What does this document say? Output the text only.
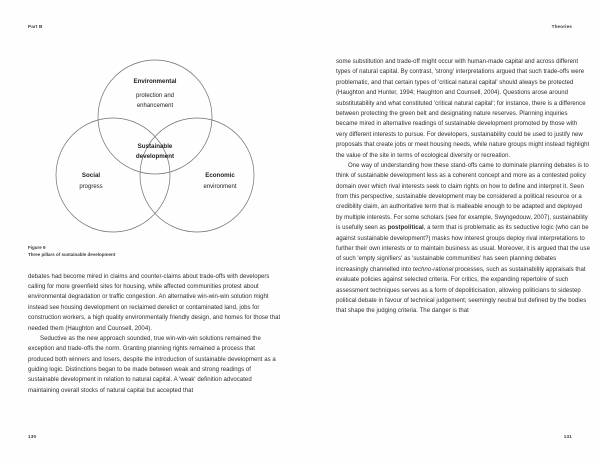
Part B	Theories
Environmental
protection and
enhancement
Social
progress
Economic
environment
Sustainable
development
Figure 9
Three pillars of sustainable development

debates had become mired in claims and counter-claims about trade-offs with developers calling for more greenfield sites for housing, while affected communities protest about environmental degradation or traffic congestion. An alternative win-win-win solution might instead see housing development on reclaimed derelict or contaminated land, jobs for construction workers, a high quality environmentally friendly design, and homes for those that needed them (Haughton and Counsell, 2004).

Seductive as the new approach sounded, true win-win-win solutions remained the exception and trade-offs the norm. Granting planning rights remained a process that produced both winners and losers, despite the introduction of sustainable development as a guiding logic. Distinctions began to be made between weak and strong readings of sustainable development in relation to natural capital. A 'weak' definition advocated maintaining overall stocks of natural capital but accepted that

some substitution and trade-off might occur with human-made capital and across different types of natural capital. By contrast, 'strong' interpretations argued that such trade-offs were problematic, and that certain types of 'critical natural capital' should always be protected (Haughton and Hunter, 1994; Haughton and Counsell, 2004). Questions arose around substitutability and what constituted 'critical natural capital'; for instance, there is a difference between protecting the green belt and designating nature reserves. Planning inquiries became mired in alternative readings of sustainable development promoted by those with very different interests to pursue. For developers, sustainability could be used to justify new proposals that create jobs or meet housing needs, while nature groups might instead highlight the value of the site in terms of ecological diversity or recreation.

One way of understanding how these stand-offs came to dominate planning debates is to think of sustainable development less as a coherent concept and more as a contested policy domain over which rival interests seek to claim rights on how to define and interpret it. Seen from this perspective, sustainable development may be considered a political resource or a credibility claim, an authoritative term that is malleable enough to be adapted and deployed by multiple interests. For some scholars (see for example, Swyngedouw, 2007), sustainability is usefully seen as postpolitical, a term that is problematic as its seductive logic (who can be against sustainable development?) masks how interest groups deploy rival interpretations to further their own interests or to maintain business as usual. Moreover, it is argued that the use of such 'empty signifiers' as 'sustainable communities' has seen planning debates increasingly channelled into techno-rational processes, such as sustainability appraisals that evaluate policies against selected criteria. For critics, the expanding repertoire of such assessment techniques serves as a form of depoliticisation, allowing politicians to sidestep political debate in favour of technical judgement; seemingly neutral but defined by the bodies that shape the judging criteria. The danger is that

130	131
